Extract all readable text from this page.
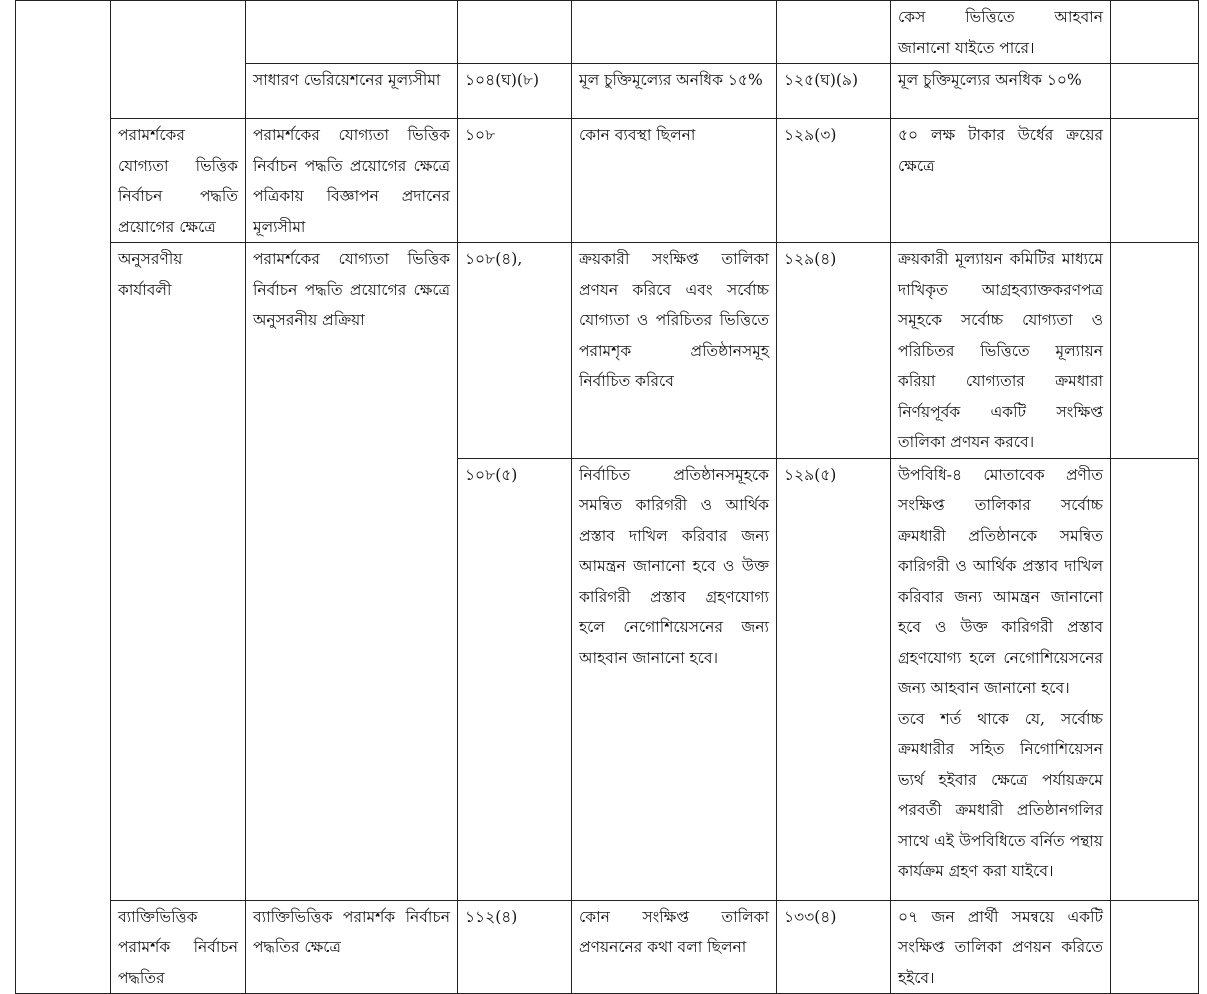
						কেস ভিত্তিতে আহবান
জানানো যাইতে পারে।	

		সাধারণ ভেরিয়েশনের মূল্যসীমা	১০৪(ঘ)(৮)	মূল চুক্তিমূল্যের অনধিক ১৫%	১২৫(ঘ)(৯)	মূল চুক্তিমূল্যের অনধিক ১০%	
	পরামর্শকের যোগ্যতা ভিত্তিক নির্বাচন পদ্ধতি প্রয়োগের ক্ষেত্রে	পরামর্শকের যোগ্যতা ভিত্তিক নির্বাচন পদ্ধতি প্রয়োগের ক্ষেত্রে পত্রিকায় বিজ্ঞাপন প্রদানের মূল্যসীমা	১০৮	কোন ব্যবস্থা ছিলনা	১২৯(৩)	৫০ লক্ষ টাকার উর্ধের ক্রয়ের ক্ষেত্রে	
	অনুসরণীয় কার্যাবলী	পরামর্শকের যোগ্যতা ভিত্তিক নির্বাচন পদ্ধতি প্রয়োগের ক্ষেত্রে অনুসরনীয় প্রক্রিয়া	১০৮(৪),	ক্রয়কারী সংক্ষিপ্ত তালিকা প্রণযন করিবে এবং সর্বোচ্চ যোগ্যতা ও পরিচিতর ভিত্তিতে পরামশৃক প্রতিষ্ঠানসমূহ নির্বাচিত করিবে	১২৯(৪)	ক্রয়কারী মূল্যায়ন কমিটির মাধ্যমে দাখিকৃত আগ্রহব্যাক্তকরণপত্র সমূহকে সর্বোচ্চ যোগ্যতা ও পরিচিতর ভিত্তিতে মূল্যায়ন করিয়া যোগ্যতার ক্রমধারা নির্ণয়পূর্বক একটি সংক্ষিপ্ত তালিকা প্রণযন করবে।	
			১০৮(৫)	নির্বাচিত প্রতিষ্ঠানসমূহকে সমন্বিত কারিগরী ও আর্থিক প্রস্তাব দাখিল করিবার জন্য আমন্ত্রন জানানো হবে ও উক্ত কারিগরী প্রস্তাব গ্রহণযোগ্য হলে নেগোশিয়েসনের জন্য আহবান জানানো হবে।	১২৯(৫)	উপবিধি-৪ মোতাবেক প্রণীত সংক্ষিপ্ত তালিকার সর্বোচ্চ ক্রমধারী প্রতিষ্ঠানকে সমন্বিত কারিগরী ও আর্থিক প্রস্তাব দাখিল করিবার জন্য আমন্ত্রন জানানো হবে ও উক্ত কারিগরী প্রস্তাব গ্রহণযোগ্য হলে নেগোশিয়েসনের জন্য আহবান জানানো হবে।
তবে শর্ত থাকে যে, সর্বোচ্চ ক্রমধারীর সহিত নিগোশিয়েসন ভ্যর্থ হইবার ক্ষেত্রে পর্যায়ক্রমে পরবর্তী ক্রমধারী প্রতিষ্ঠানগলির সাথে এই উপবিধিতে বর্নিত পন্থায় কার্যক্রম গ্রহণ করা যাইবে।	

	ব্যাক্তিভিত্তিক পরামর্শক নির্বাচন পদ্ধতির	ব্যাক্তিভিত্তিক পরামর্শক নির্বাচন পদ্ধতির ক্ষেত্রে	১১২(৪)	কোন সংক্ষিপ্ত তালিকা প্রণয়ননের কথা বলা ছিলনা	১৩৩(৪)	০৭ জন প্রার্থী সমন্বয়ে একটি সংক্ষিপ্ত তালিকা প্রণয়ন করিতে হইবে।	
